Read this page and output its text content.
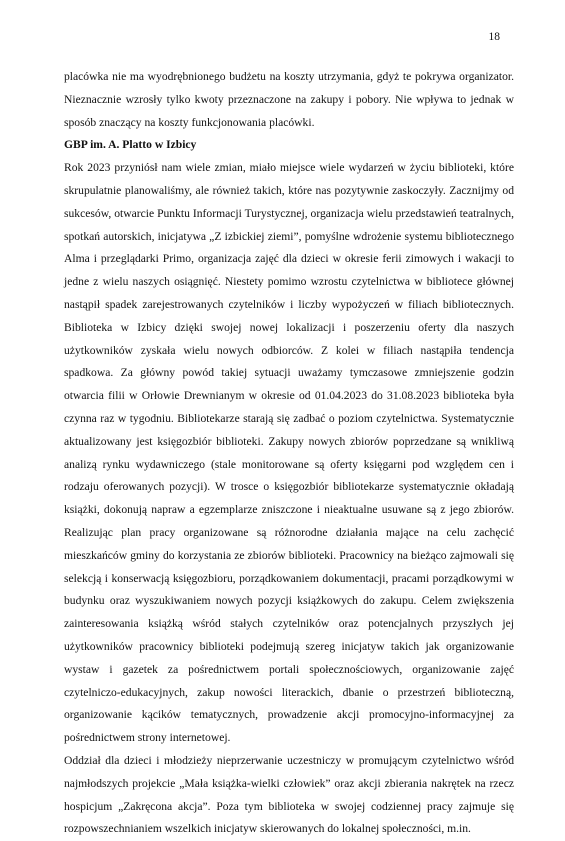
18

placówka nie ma wyodrębnionego budżetu na koszty utrzymania, gdyż te pokrywa organizator. Nieznacznie wzrosły tylko kwoty przeznaczone na zakupy i pobory. Nie wpływa to jednak w sposób znaczący na koszty funkcjonowania placówki.

GBP im. A. Platto w Izbicy

Rok 2023 przyniósł nam wiele zmian, miało miejsce wiele wydarzeń w życiu biblioteki, które skrupulatnie planowaliśmy, ale również takich, które nas pozytywnie zaskoczyły. Zacznijmy od sukcesów, otwarcie Punktu Informacji Turystycznej, organizacja wielu przedstawień teatralnych, spotkań autorskich, inicjatywa „Z izbickiej ziemi”, pomyślne wdrożenie systemu bibliotecznego Alma i przeglądarki Primo, organizacja zajęć dla dzieci w okresie ferii zimowych i wakacji to jedne z wielu naszych osiągnięć. Niestety pomimo wzrostu czytelnictwa w bibliotece głównej nastąpił spadek zarejestrowanych czytelników i liczby wypożyczeń w filiach bibliotecznych. Biblioteka w Izbicy dzięki swojej nowej lokalizacji i poszerzeniu oferty dla naszych użytkowników zyskała wielu nowych odbiorców. Z kolei w filiach nastąpiła tendencja spadkowa. Za główny powód takiej sytuacji uważamy tymczasowe zmniejszenie godzin otwarcia filii w Orłowie Drewnianym w okresie od 01.04.2023 do 31.08.2023 biblioteka była czynna raz w tygodniu. Bibliotekarze starają się zadbać o poziom czytelnictwa. Systematycznie aktualizowany jest księgozbiór biblioteki. Zakupy nowych zbiorów poprzedzane są wnikliwą analizą rynku wydawniczego (stale monitorowane są oferty księgarni pod względem cen i rodzaju oferowanych pozycji). W trosce o księgozbiór bibliotekarze systematycznie okładają książki, dokonują napraw a egzemplarze zniszczone i nieaktualne usuwane są z jego zbiorów. Realizując plan pracy organizowane są różnorodne działania mające na celu zachęcić mieszkańców gminy do korzystania ze zbiorów biblioteki. Pracownicy na bieżąco zajmowali się selekcją i konserwacją księgozbioru, porządkowaniem dokumentacji, pracami porządkowymi w budynku oraz wyszukiwaniem nowych pozycji książkowych do zakupu. Celem zwiększenia zainteresowania książką wśród stałych czytelników oraz potencjalnych przyszłych jej użytkowników pracownicy biblioteki podejmują szereg inicjatyw takich jak organizowanie wystaw i gazetek za pośrednictwem portali społecznościowych, organizowanie zajęć czytelniczo-edukacyjnych, zakup nowości literackich, dbanie o przestrzeń biblioteczną, organizowanie kącików tematycznych, prowadzenie akcji promocyjno-informacyjnej za pośrednictwem strony internetowej.

Oddział dla dzieci i młodzieży nieprzerwanie uczestniczy w promującym czytelnictwo wśród najmłodszych projekcie „Mała książka-wielki człowiek” oraz akcji zbierania nakrętek na rzecz hospicjum „Zakręcona akcja”. Poza tym biblioteka w swojej codziennej pracy zajmuje się rozpowszechnianiem wszelkich inicjatyw skierowanych do lokalnej społeczności, m.in.
